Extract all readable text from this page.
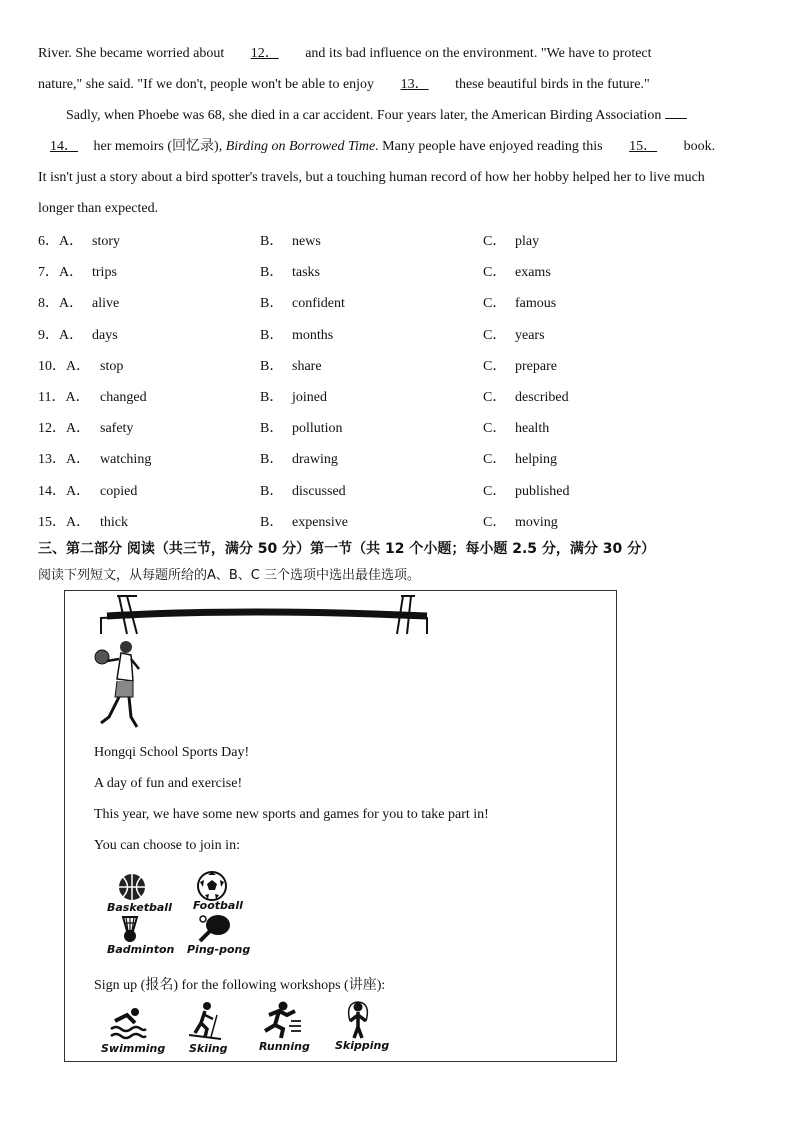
River. She became worried about 12． and its bad influence on the environment. "We have to protect
nature," she said. "If we don't, people won't be able to enjoy 13． these beautiful birds in the future."
Sadly, when Phoebe was 68, she died in a car accident. Four years later, the American Birding Association
14． her memoirs (回忆录), Birding on Borrowed Time. Many people have enjoyed reading this 15． book.
It isn't just a story about a bird spotter's travels, but a touching human record of how her hobby helped her to live much
longer than expected.
6．A． story	B． news	C． play
7．A． trips	B． tasks	C． exams
8．A． alive	B． confident	C． famous
9．A． days	B． months	C． years
10．A． stop	B． share	C． prepare
11．A． changed	B． joined	C． described
12．A． safety	B． pollution	C． health
13．A． watching	B． drawing	C． helping
14．A． copied	B． discussed	C． published
15．A． thick	B． expensive	C． moving
三、第二部分 阅读（共三节，满分 50 分）第一节（共 12 个小题；每小题 2.5 分，满分 30 分）
阅读下列短文，从每题所给的A、B、C 三个选项中选出最佳选项。
Hongqi School Sports Day!
A day of fun and exercise!
This year, we have some new sports and games for you to take part in!
You can choose to join in:
Basketball Football
Badminton Ping-pong
Sign up (报名) for the following workshops (讲座):
Swimming Skiing	Running Skipping
